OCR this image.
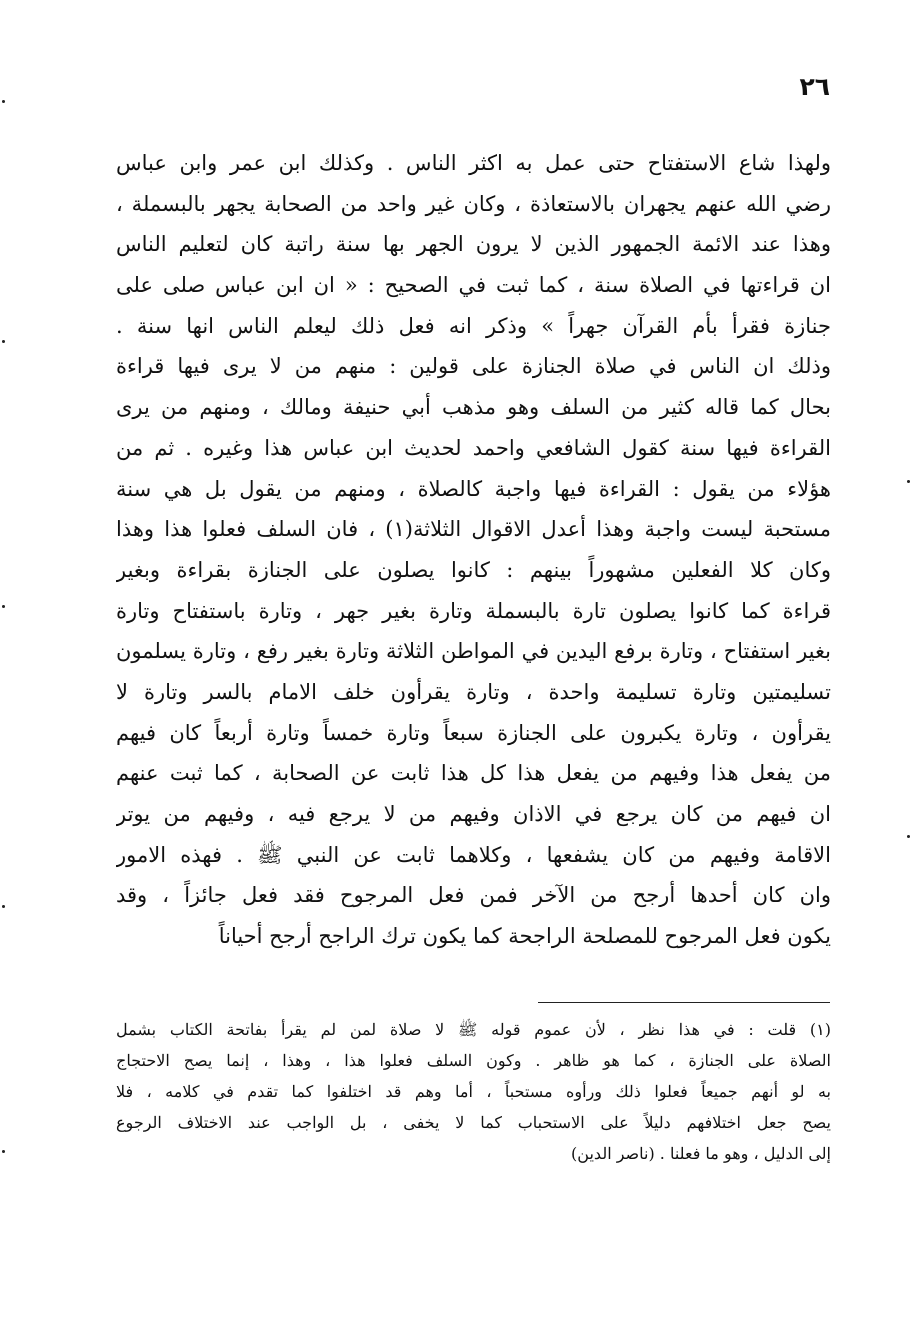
٢٦
ولهذا شاع الاستفتاح حتى عمل به اكثر الناس . وكذلك ابن عمر وابن عباس
رضي الله عنهم يجهران بالاستعاذة ، وكان غير واحد من الصحابة يجهر بالبسملة ،
وهذا عند الائمة الجمهور الذين لا يرون الجهر بها سنة راتبة كان لتعليم الناس
ان قراءتها في الصلاة سنة ، كما ثبت في الصحيح : « ان ابن عباس صلى على
جنازة فقرأ بأم القرآن جهراً » وذكر انه فعل ذلك ليعلم الناس انها سنة .
وذلك ان الناس في صلاة الجنازة على قولين : منهم من لا يرى فيها قراءة
بحال كما قاله كثير من السلف وهو مذهب أبي حنيفة ومالك ، ومنهم من يرى
القراءة فيها سنة كقول الشافعي واحمد لحديث ابن عباس هذا وغيره . ثم من
هؤلاء من يقول : القراءة فيها واجبة كالصلاة ، ومنهم من يقول بل هي سنة
مستحبة ليست واجبة وهذا أعدل الاقوال الثلاثة(١) ، فان السلف فعلوا هذا وهذا
وكان كلا الفعلين مشهوراً بينهم : كانوا يصلون على الجنازة بقراءة وبغير
قراءة كما كانوا يصلون تارة بالبسملة وتارة بغير جهر ، وتارة باستفتاح وتارة
بغير استفتاح ، وتارة برفع اليدين في المواطن الثلاثة وتارة بغير رفع ، وتارة يسلمون
تسليمتين وتارة تسليمة واحدة ، وتارة يقرأون خلف الامام بالسر وتارة لا
يقرأون ، وتارة يكبرون على الجنازة سبعاً وتارة خمساً وتارة أربعاً كان فيهم
من يفعل هذا وفيهم من يفعل هذا كل هذا ثابت عن الصحابة ، كما ثبت عنهم
ان فيهم من كان يرجع في الاذان وفيهم من لا يرجع فيه ، وفيهم من يوتر
الاقامة وفيهم من كان يشفعها ، وكلاهما ثابت عن النبي ﷺ . فهذه الامور
وان كان أحدها أرجح من الآخر فمن فعل المرجوح فقد فعل جائزاً ، وقد
يكون فعل المرجوح للمصلحة الراجحة كما يكون ترك الراجح أرجح أحياناً
(١) قلت : في هذا نظر ، لأن عموم قوله ﷺ لا صلاة لمن لم يقرأ بفاتحة الكتاب بشمل
الصلاة على الجنازة ، كما هو ظاهر . وكون السلف فعلوا هذا ، وهذا ، إنما يصح الاحتجاج
به لو أنهم جميعاً فعلوا ذلك ورأوه مستحباً ، أما وهم قد اختلفوا كما تقدم في كلامه ، فلا
يصح جعل اختلافهم دليلاً على الاستحباب كما لا يخفى ، بل الواجب عند الاختلاف الرجوع
إلى الدليل ، وهو ما فعلنا . (ناصر الدين)
